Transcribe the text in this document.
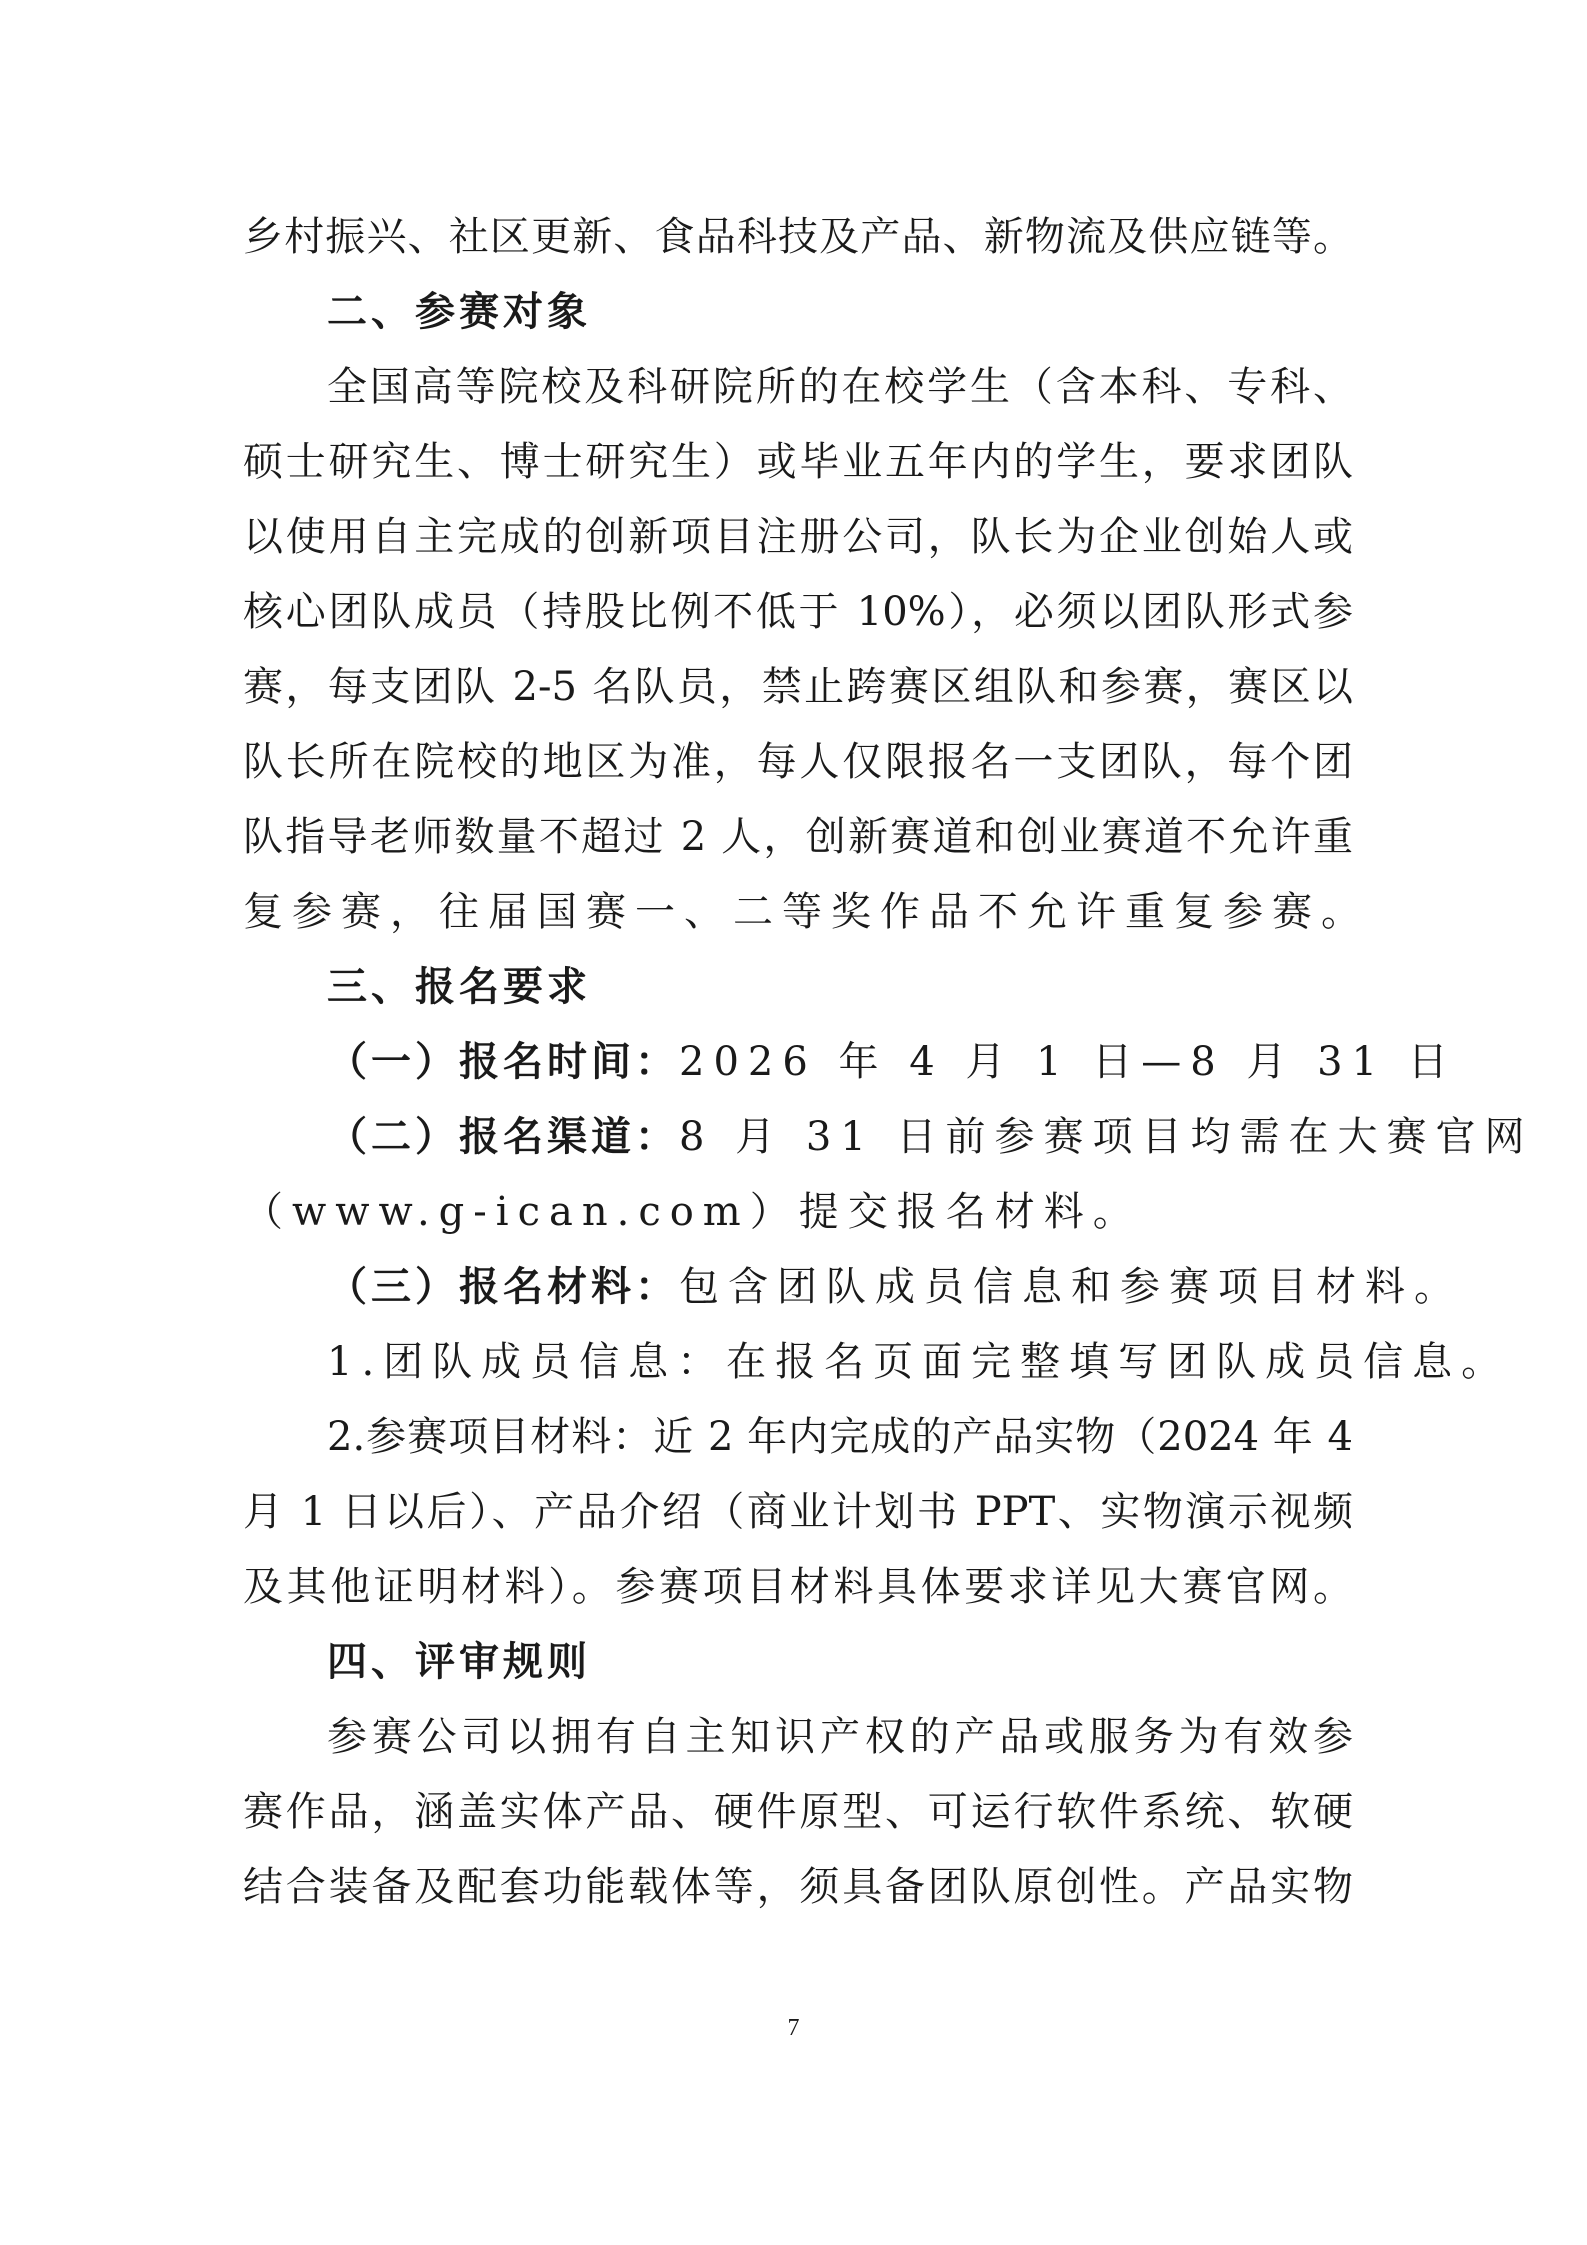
乡村振兴、社区更新、食品科技及产品、新物流及供应链等。
二、参赛对象
全国高等院校及科研院所的在校学生（含本科、专科、
硕士研究生、博士研究生）或毕业五年内的学生，要求团队
以使用自主完成的创新项目注册公司，队长为企业创始人或
核心团队成员（持股比例不低于 10%），必须以团队形式参
赛，每支团队 2-5 名队员，禁止跨赛区组队和参赛，赛区以
队长所在院校的地区为准，每人仅限报名一支团队，每个团
队指导老师数量不超过 2 人，创新赛道和创业赛道不允许重
复参赛，往届国赛一、二等奖作品不允许重复参赛。
三、报名要求
（一）报名时间：2026 年 4 月 1 日—8 月 31 日
（二）报名渠道：8 月 31 日前参赛项目均需在大赛官网
（www.g-ican.com）提交报名材料。
（三）报名材料：包含团队成员信息和参赛项目材料。
1.团队成员信息：在报名页面完整填写团队成员信息。
2.参赛项目材料：近 2 年内完成的产品实物（2024 年 4
月 1 日以后）、产品介绍（商业计划书 PPT、实物演示视频
及其他证明材料）。参赛项目材料具体要求详见大赛官网。
四、评审规则
参赛公司以拥有自主知识产权的产品或服务为有效参
赛作品，涵盖实体产品、硬件原型、可运行软件系统、软硬
结合装备及配套功能载体等，须具备团队原创性。产品实物
7
